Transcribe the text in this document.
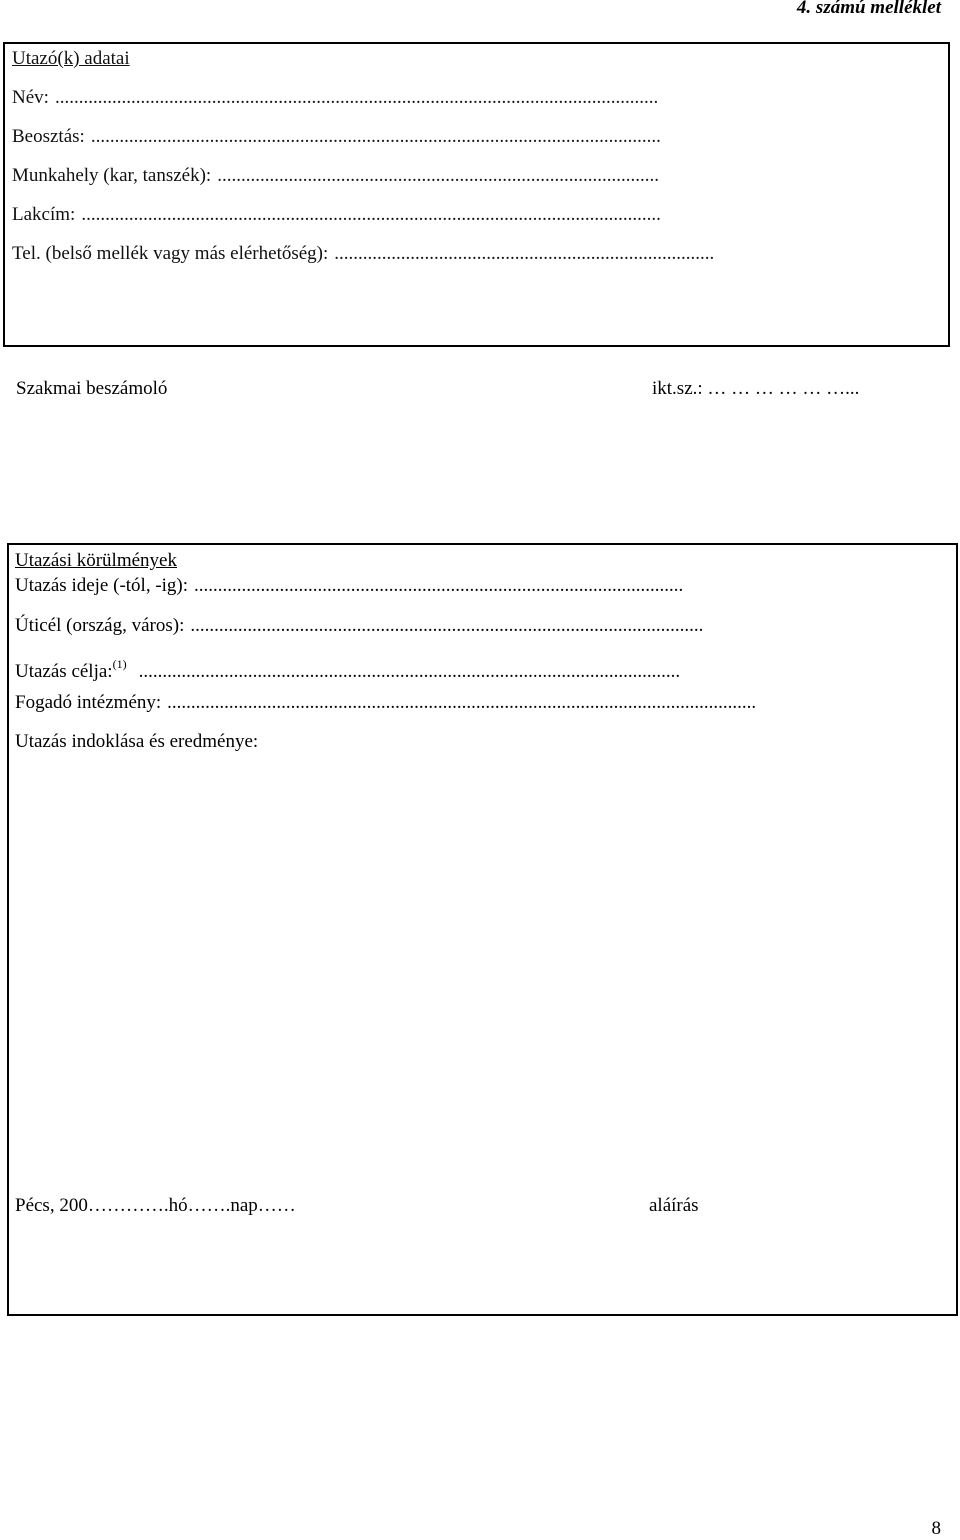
4. számú melléklet
Utazó(k) adatai
Név: ...............................................................................................................................
Beosztás: ........................................................................................................................
Munkahely (kar, tanszék): .............................................................................................
Lakcím: ..........................................................................................................................
Tel. (belső mellék vagy más elérhetőség): ................................................................................
Szakmai beszámoló	ikt.sz.: … … … … … …...
Utazási körülmények
Utazás ideje (-tól, -ig): .......................................................................................................
Úticél (ország, város): ............................................................................................................
Utazás célja:$^{(1)}$ ..................................................................................................................
Fogadó intézmény: ............................................................................................................................
Utazás indoklása és eredménye:
Pécs, 200………….hó…….nap……	aláírás
8
